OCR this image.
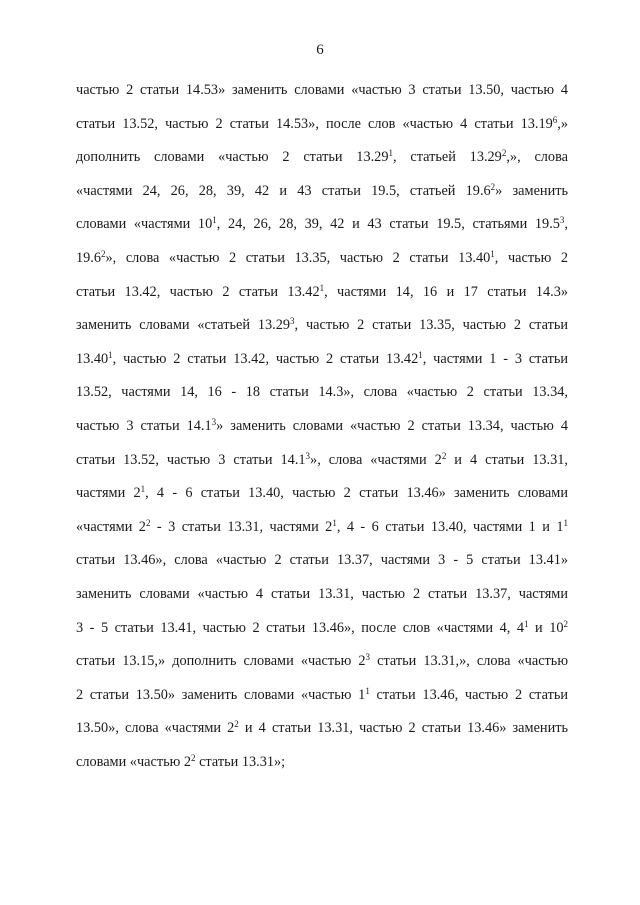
6
частью 2 статьи 14.53» заменить словами «частью 3 статьи 13.50, частью 4
статьи 13.52, частью 2 статьи 14.53», после слов «частью 4 статьи 13.19$^6$,»
дополнить словами «частью 2 статьи 13.29$^1$, статьей 13.29$^2$,», слова
«частями 24, 26, 28, 39, 42 и 43 статьи 19.5, статьей 19.6$^2$» заменить
словами «частями $10^1$, 24, 26, 28, 39, 42 и 43 статьи 19.5, статьями 19.5$^3$,
19.6$^2$», слова «частью 2 статьи 13.35, частью 2 статьи 13.40$^1$, частью 2
статьи 13.42, частью 2 статьи 13.42$^1$, частями 14, 16 и 17 статьи 14.3»
заменить словами «статьей 13.29$^3$, частью 2 статьи 13.35, частью 2 статьи
13.40$^1$, частью 2 статьи 13.42, частью 2 статьи 13.42$^1$, частями 1 - 3 статьи
13.52, частями 14, 16 - 18 статьи 14.3», слова «частью 2 статьи 13.34,
частью 3 статьи 14.1$^3$» заменить словами «частью 2 статьи 13.34, частью 4
статьи 13.52, частью 3 статьи 14.1$^3$», слова «частями $2^2$ и 4 статьи 13.31,
частями $2^1$, 4 - 6 статьи 13.40, частью 2 статьи 13.46» заменить словами
«частями $2^2 - 3$ статьи 13.31, частями $2^1$, 4 - 6 статьи 13.40, частями 1 и $1^1$
статьи 13.46», слова «частью 2 статьи 13.37, частями 3 - 5 статьи 13.41»
заменить словами «частью 4 статьи 13.31, частью 2 статьи 13.37, частями
3 - 5 статьи 13.41, частью 2 статьи 13.46», после слов «частями 4, $4^1$ и $10^2$
статьи 13.15,» дополнить словами «частью $2^3$ статьи 13.31,», слова «частью
2 статьи 13.50» заменить словами «частью $1^1$ статьи 13.46, частью 2 статьи
13.50», слова «частями $2^2$ и 4 статьи 13.31, частью 2 статьи 13.46» заменить
словами «частью $2^2$ статьи 13.31»;
